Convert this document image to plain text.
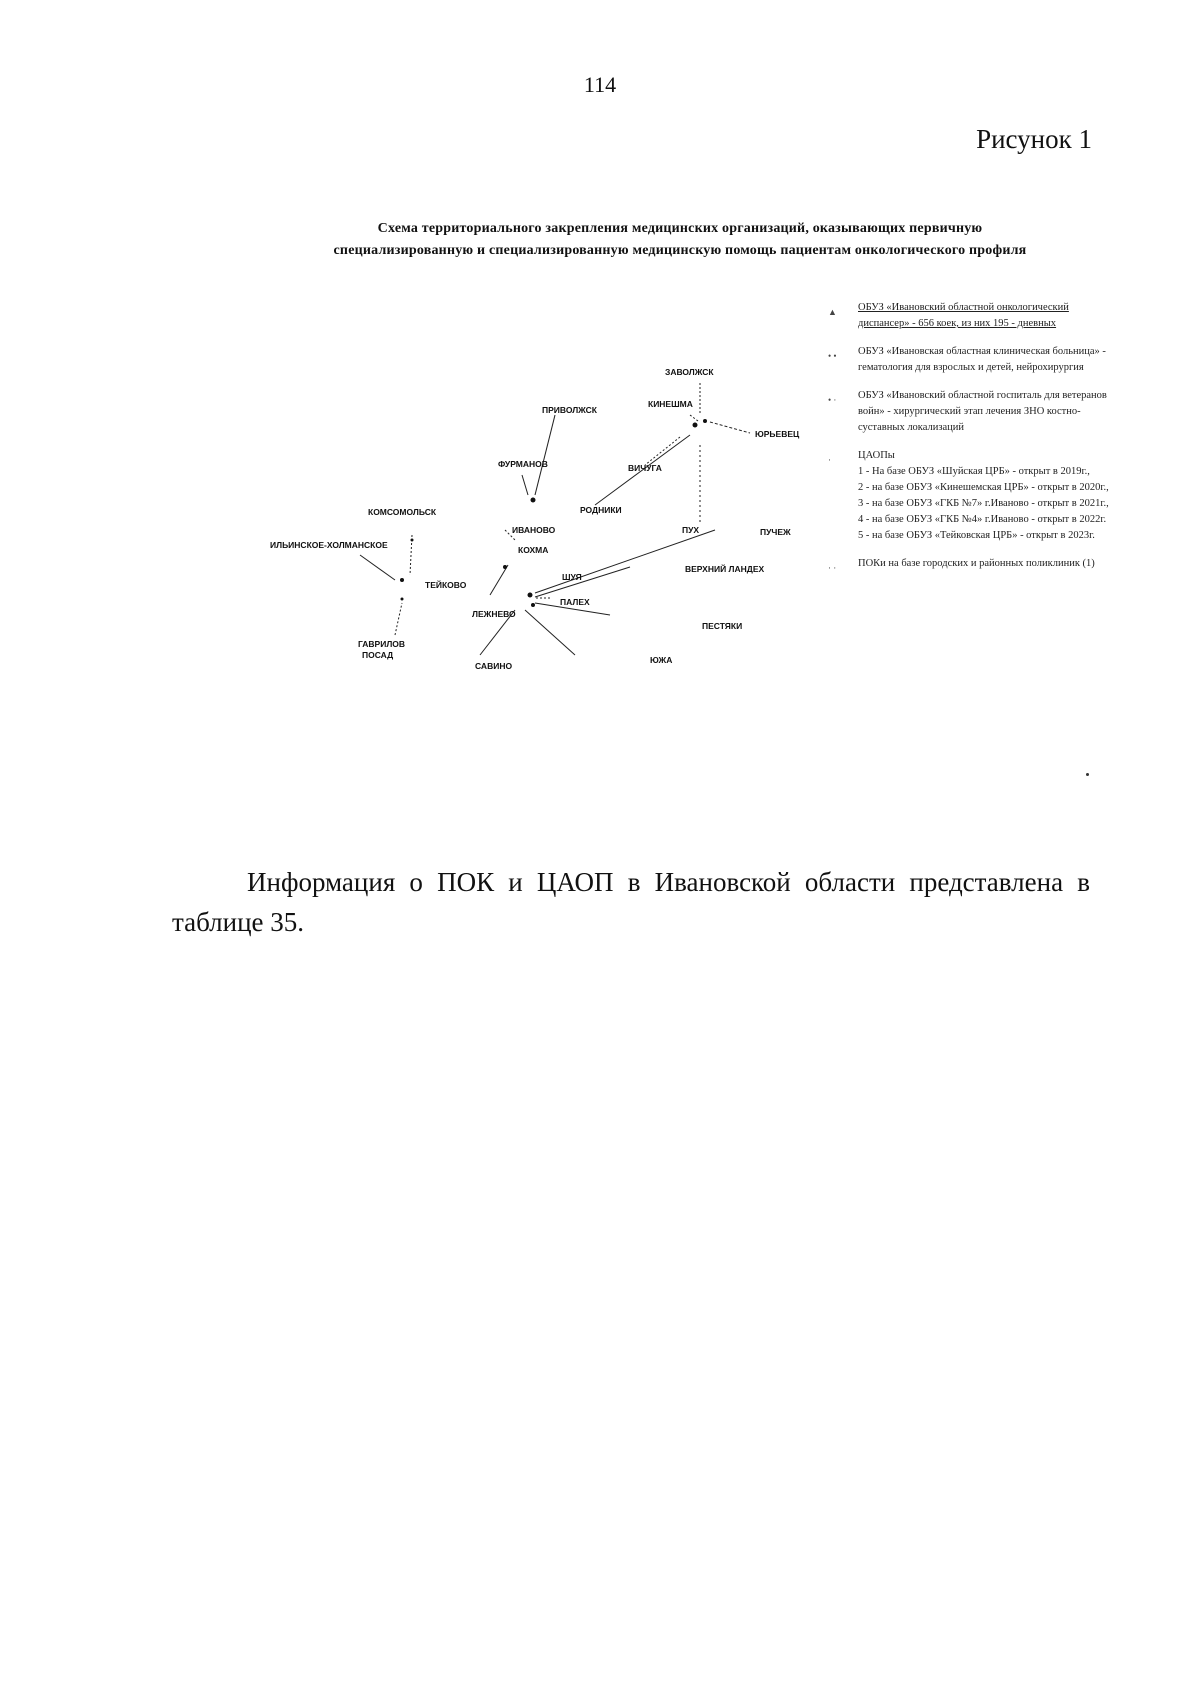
114
Рисунок 1
Схема территориального закрепления медицинских организаций, оказывающих первичную
специализированную и специализированную медицинскую помощь пациентам онкологического профиля
ЗАВОЛЖСК
КИНЕШМА
ПРИВОЛЖСК
ЮРЬЕВЕЦ
ФУРМАНОВ	ВИЧУГА
РОДНИКИ
КОМСОМОЛЬСК
ИВАНОВО	ПУЧЕЖ
ИЛЬИНСКОЕ-ХОЛМАНСКОЕ	КОХМА
ПУХ
ВЕРХНИЙ ЛАНДЕХ
ШУЯ
ТЕЙКОВО
ПАЛЕХ
ЛЕЖНЕВО
ПЕСТЯКИ
ГАВРИЛОВ
ПОСАД
САВИНО
ЮЖА
▲ ОБУЗ «Ивановский областной онкологический диспансер» - 656 коек, из них 195 - дневных
• • ОБУЗ «Ивановская областная клиническая больница» - гематология для взрослых и детей, нейрохирургия
• · ОБУЗ «Ивановский областной госпиталь для ветеранов войн» - хирургический этап лечения ЗНО костно-суставных локализаций
·	ЦАОПы
1 - На базе ОБУЗ «Шуйская ЦРБ» - открыт в 2019г.,
2 - на базе ОБУЗ «Кинешемская ЦРБ» - открыт в 2020г.,
3 - на базе ОБУЗ «ГКБ №7» г.Иваново - открыт в 2021г.,
4 - на базе ОБУЗ «ГКБ №4» г.Иваново - открыт в 2022г.
5 - на базе ОБУЗ «Тейковская ЦРБ» - открыт в 2023г.
· · ПОКи на базе городских и районных поликлиник (1)

Информация о ПОК и ЦАОП в Ивановской области представлена в таблице 35.
